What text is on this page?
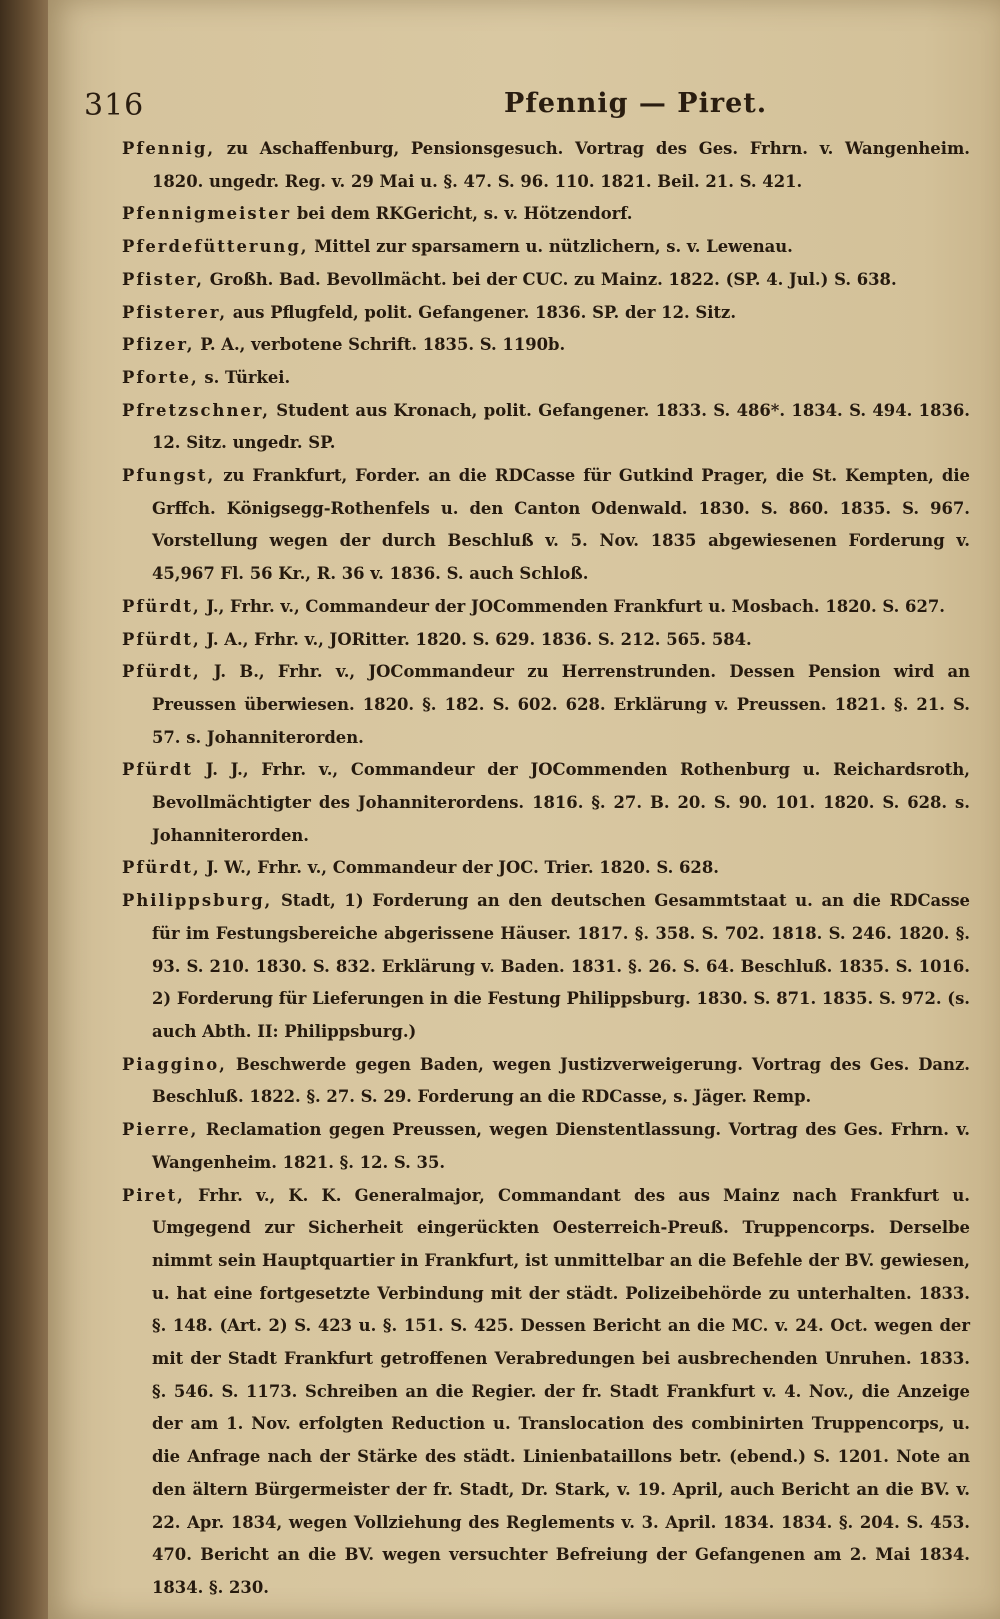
316	Pfennig — Piret.

Pfennig, zu Aschaffenburg, Pensionsgesuch. Vortrag des Ges. Frhrn. v. Wangenheim. 1820. ungedr. Reg. v. 29 Mai u. §. 47. S. 96. 110. 1821. Beil. 21. S. 421.

Pfennigmeister bei dem RKGericht, s. v. Hötzendorf.

Pferdefütterung, Mittel zur sparsamern u. nützlichern, s. v. Lewenau.

Pfister, Großh. Bad. Bevollmächt. bei der CUC. zu Mainz. 1822. (SP. 4. Jul.) S. 638.

Pfisterer, aus Pflugfeld, polit. Gefangener. 1836. SP. der 12. Sitz.

Pfizer, P. A., verbotene Schrift. 1835. S. 1190b.

Pforte, s. Türkei.

Pfretzschner, Student aus Kronach, polit. Gefangener. 1833. S. 486*. 1834. S. 494. 1836. 12. Sitz. ungedr. SP.

Pfungst, zu Frankfurt, Forder. an die RDCasse für Gutkind Prager, die St. Kempten, die Grffch. Königsegg-Rothenfels u. den Canton Odenwald. 1830. S. 860. 1835. S. 967. Vorstellung wegen der durch Beschluß v. 5. Nov. 1835 abgewiesenen Forderung v. 45,967 Fl. 56 Kr., R. 36 v. 1836. S. auch Schloß.

Pfürdt, J., Frhr. v., Commandeur der JOCommenden Frankfurt u. Mosbach. 1820. S. 627.

Pfürdt, J. A., Frhr. v., JORitter. 1820. S. 629. 1836. S. 212. 565. 584.

Pfürdt, J. B., Frhr. v., JOCommandeur zu Herrenstrunden. Dessen Pension wird an Preussen überwiesen. 1820. §. 182. S. 602. 628. Erklärung v. Preussen. 1821. §. 21. S. 57. s. Johanniterorden.

Pfürdt J. J., Frhr. v., Commandeur der JOCommenden Rothenburg u. Reichardsroth, Bevollmächtigter des Johanniterordens. 1816. §. 27. B. 20. S. 90. 101. 1820. S. 628. s. Johanniterorden.

Pfürdt, J. W., Frhr. v., Commandeur der JOC. Trier. 1820. S. 628.

Philippsburg, Stadt, 1) Forderung an den deutschen Gesammtstaat u. an die RDCasse für im Festungsbereiche abgerissene Häuser. 1817. §. 358. S. 702. 1818. S. 246. 1820. §. 93. S. 210. 1830. S. 832. Erklärung v. Baden. 1831. §. 26. S. 64. Beschluß. 1835. S. 1016. 2) Forderung für Lieferungen in die Festung Philippsburg. 1830. S. 871. 1835. S. 972. (s. auch Abth. II: Philippsburg.)

Piaggino, Beschwerde gegen Baden, wegen Justizverweigerung. Vortrag des Ges. Danz. Beschluß. 1822. §. 27. S. 29. Forderung an die RDCasse, s. Jäger. Remp.

Pierre, Reclamation gegen Preussen, wegen Dienstentlassung. Vortrag des Ges. Frhrn. v. Wangenheim. 1821. §. 12. S. 35.

Piret, Frhr. v., K. K. Generalmajor, Commandant des aus Mainz nach Frankfurt u. Umgegend zur Sicherheit eingerückten Oesterreich-Preuß. Truppencorps. Derselbe nimmt sein Hauptquartier in Frankfurt, ist unmittelbar an die Befehle der BV. gewiesen, u. hat eine fortgesetzte Verbindung mit der städt. Polizeibehörde zu unterhalten. 1833. §. 148. (Art. 2) S. 423 u. §. 151. S. 425. Dessen Bericht an die MC. v. 24. Oct. wegen der mit der Stadt Frankfurt getroffenen Verabredungen bei ausbrechenden Unruhen. 1833. §. 546. S. 1173. Schreiben an die Regier. der fr. Stadt Frankfurt v. 4. Nov., die Anzeige der am 1. Nov. erfolgten Reduction u. Translocation des combinirten Truppencorps, u. die Anfrage nach der Stärke des städt. Linienbataillons betr. (ebend.) S. 1201. Note an den ältern Bürgermeister der fr. Stadt, Dr. Stark, v. 19. April, auch Bericht an die BV. v. 22. Apr. 1834, wegen Vollziehung des Reglements v. 3. April. 1834. 1834. §. 204. S. 453. 470. Bericht an die BV. wegen versuchter Befreiung der Gefangenen am 2. Mai 1834. 1834. §. 230.
